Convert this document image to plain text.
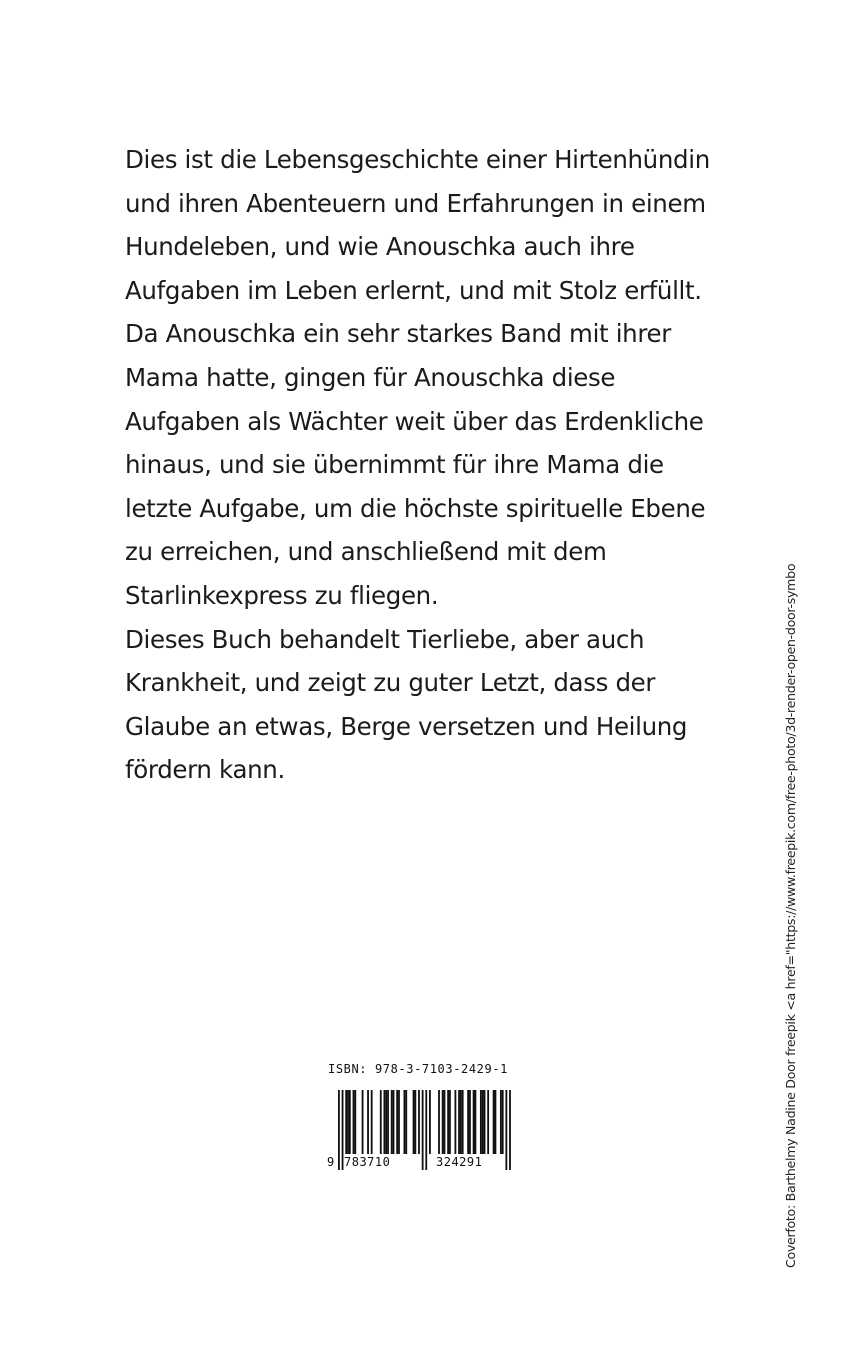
Dies ist die Lebensgeschichte einer Hirtenhündin
und ihren Abenteuern und Erfahrungen in einem
Hundeleben, und wie Anouschka auch ihre
Aufgaben im Leben erlernt, und mit Stolz erfüllt.
Da Anouschka ein sehr starkes Band mit ihrer
Mama hatte, gingen für Anouschka diese
Aufgaben als Wächter weit über das Erdenkliche
hinaus, und sie übernimmt für ihre Mama die
letzte Aufgabe, um die höchste spirituelle Ebene
zu erreichen, und anschließend mit dem
Starlinkexpress zu fliegen.
Dieses Buch behandelt Tierliebe, aber auch
Krankheit, und zeigt zu guter Letzt, dass der
Glaube an etwas, Berge versetzen und Heilung
fördern kann.
ISBN: 978-3-7103-2429-1
9 783710	324291	Coverfoto: Barthelmy Nadine Door freepik <a href="https://www.freepik.com/free-photo/3d-render-open-door-symbo
